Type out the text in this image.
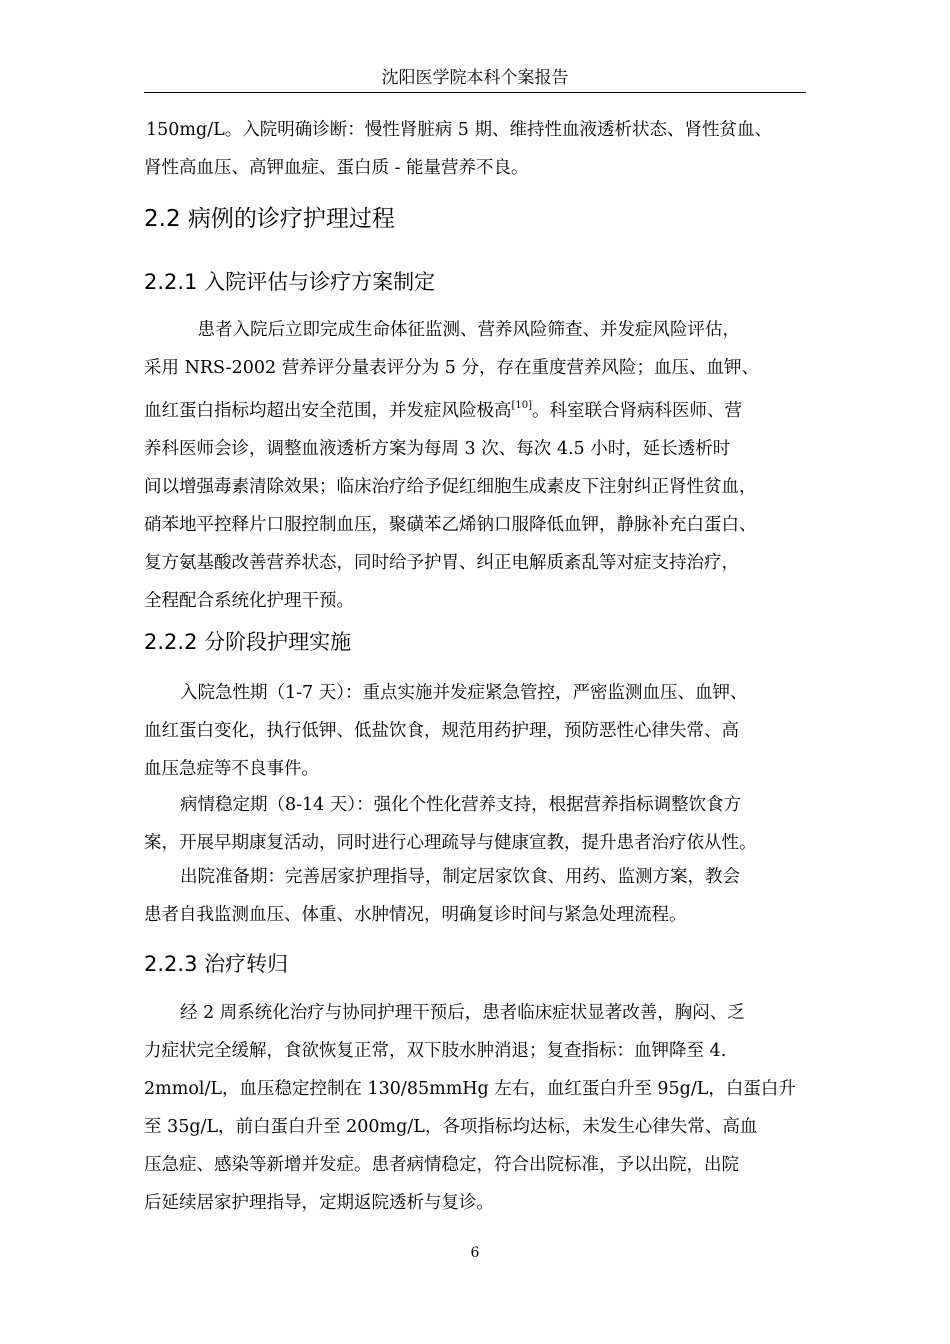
沈阳医学院本科个案报告

150mg/L。入院明确诊断：慢性肾脏病 5 期、维持性血液透析状态、肾性贫血、
肾性高血压、高钾血症、蛋白质 - 能量营养不良。

2.2 病例的诊疗护理过程
2.2.1 入院评估与诊疗方案制定

　患者入院后立即完成生命体征监测、营养风险筛查、并发症风险评估，
采用 NRS-2002 营养评分量表评分为 5 分，存在重度营养风险；血压、血钾、
血红蛋白指标均超出安全范围，并发症风险极高[10]。科室联合肾病科医师、营
养科医师会诊，调整血液透析方案为每周 3 次、每次 4.5 小时，延长透析时
间以增强毒素清除效果；临床治疗给予促红细胞生成素皮下注射纠正肾性贫血，
硝苯地平控释片口服控制血压，聚磺苯乙烯钠口服降低血钾，静脉补充白蛋白、
复方氨基酸改善营养状态，同时给予护胃、纠正电解质紊乱等对症支持治疗，
全程配合系统化护理干预。

2.2.2 分阶段护理实施

入院急性期（1-7 天）：重点实施并发症紧急管控，严密监测血压、血钾、
血红蛋白变化，执行低钾、低盐饮食，规范用药护理，预防恶性心律失常、高
血压急症等不良事件。

病情稳定期（8-14 天）：强化个性化营养支持，根据营养指标调整饮食方
案，开展早期康复活动，同时进行心理疏导与健康宣教，提升患者治疗依从性。

出院准备期：完善居家护理指导，制定居家饮食、用药、监测方案，教会
患者自我监测血压、体重、水肿情况，明确复诊时间与紧急处理流程。

2.2.3 治疗转归

经 2 周系统化治疗与协同护理干预后，患者临床症状显著改善，胸闷、乏
力症状完全缓解，食欲恢复正常，双下肢水肿消退；复查指标：血钾降至 4.
2mmol/L，血压稳定控制在 130/85mmHg 左右，血红蛋白升至 95g/L，白蛋白升
至 35g/L，前白蛋白升至 200mg/L，各项指标均达标，未发生心律失常、高血
压急症、感染等新增并发症。患者病情稳定，符合出院标准，予以出院，出院
后延续居家护理指导，定期返院透析与复诊。

6
